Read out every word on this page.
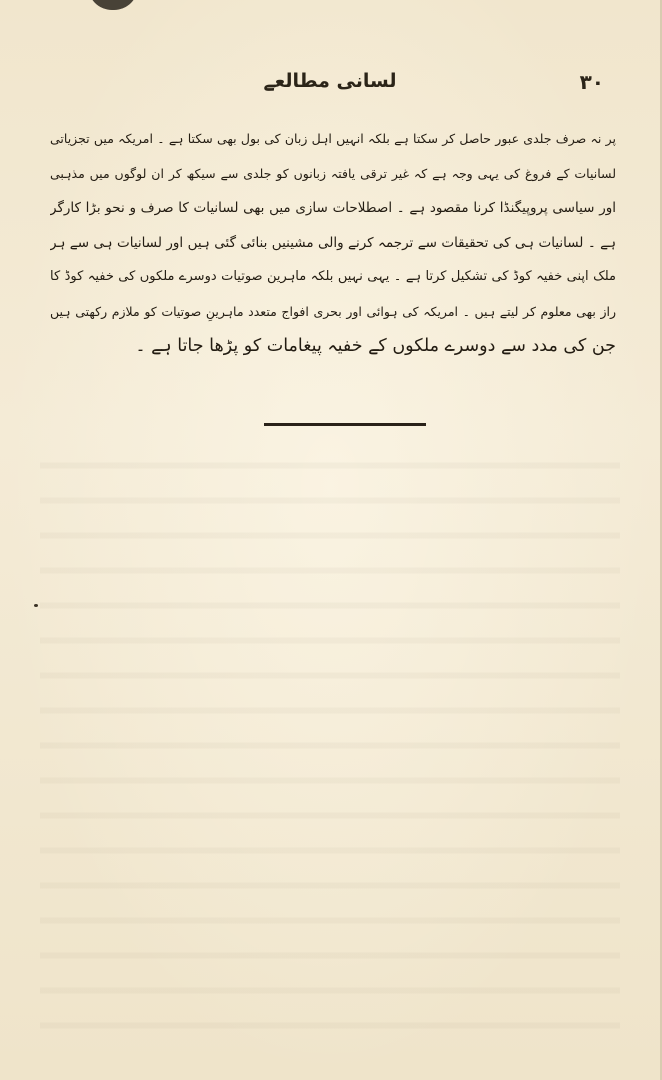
۳۰
لسانی مطالعے
پر نہ صرف جلدی عبور حاصل کر سکتا ہے بلکہ انہیں اہل زبان کی بول بھی سکتا ہے ۔ امریکہ میں تجزیاتی
لسانیات کے فروغ کی یہی وجہ ہے کہ غیر ترقی یافتہ زبانوں کو جلدی سے سیکھ کر ان لوگوں میں مذہبی
اور سیاسی پروپیگنڈا کرنا مقصود ہے ۔ اصطلاحات سازی میں بھی لسانیات کا صرف و نحو بڑا کارگر
ہے ۔ لسانیات ہی کی تحقیقات سے ترجمہ کرنے والی مشینیں بنائی گئی ہیں اور لسانیات ہی سے ہر
ملک اپنی خفیہ کوڈ کی تشکیل کرتا ہے ۔ یہی نہیں بلکہ ماہرین صوتیات دوسرے ملکوں کی خفیہ کوڈ کا
راز بھی معلوم کر لیتے ہیں ۔ امریکہ کی ہوائی اور بحری افواج متعدد ماہرینِ صوتیات کو ملازم رکھتی ہیں
جن کی مدد سے دوسرے ملکوں کے خفیہ پیغامات کو پڑھا جاتا ہے ۔
